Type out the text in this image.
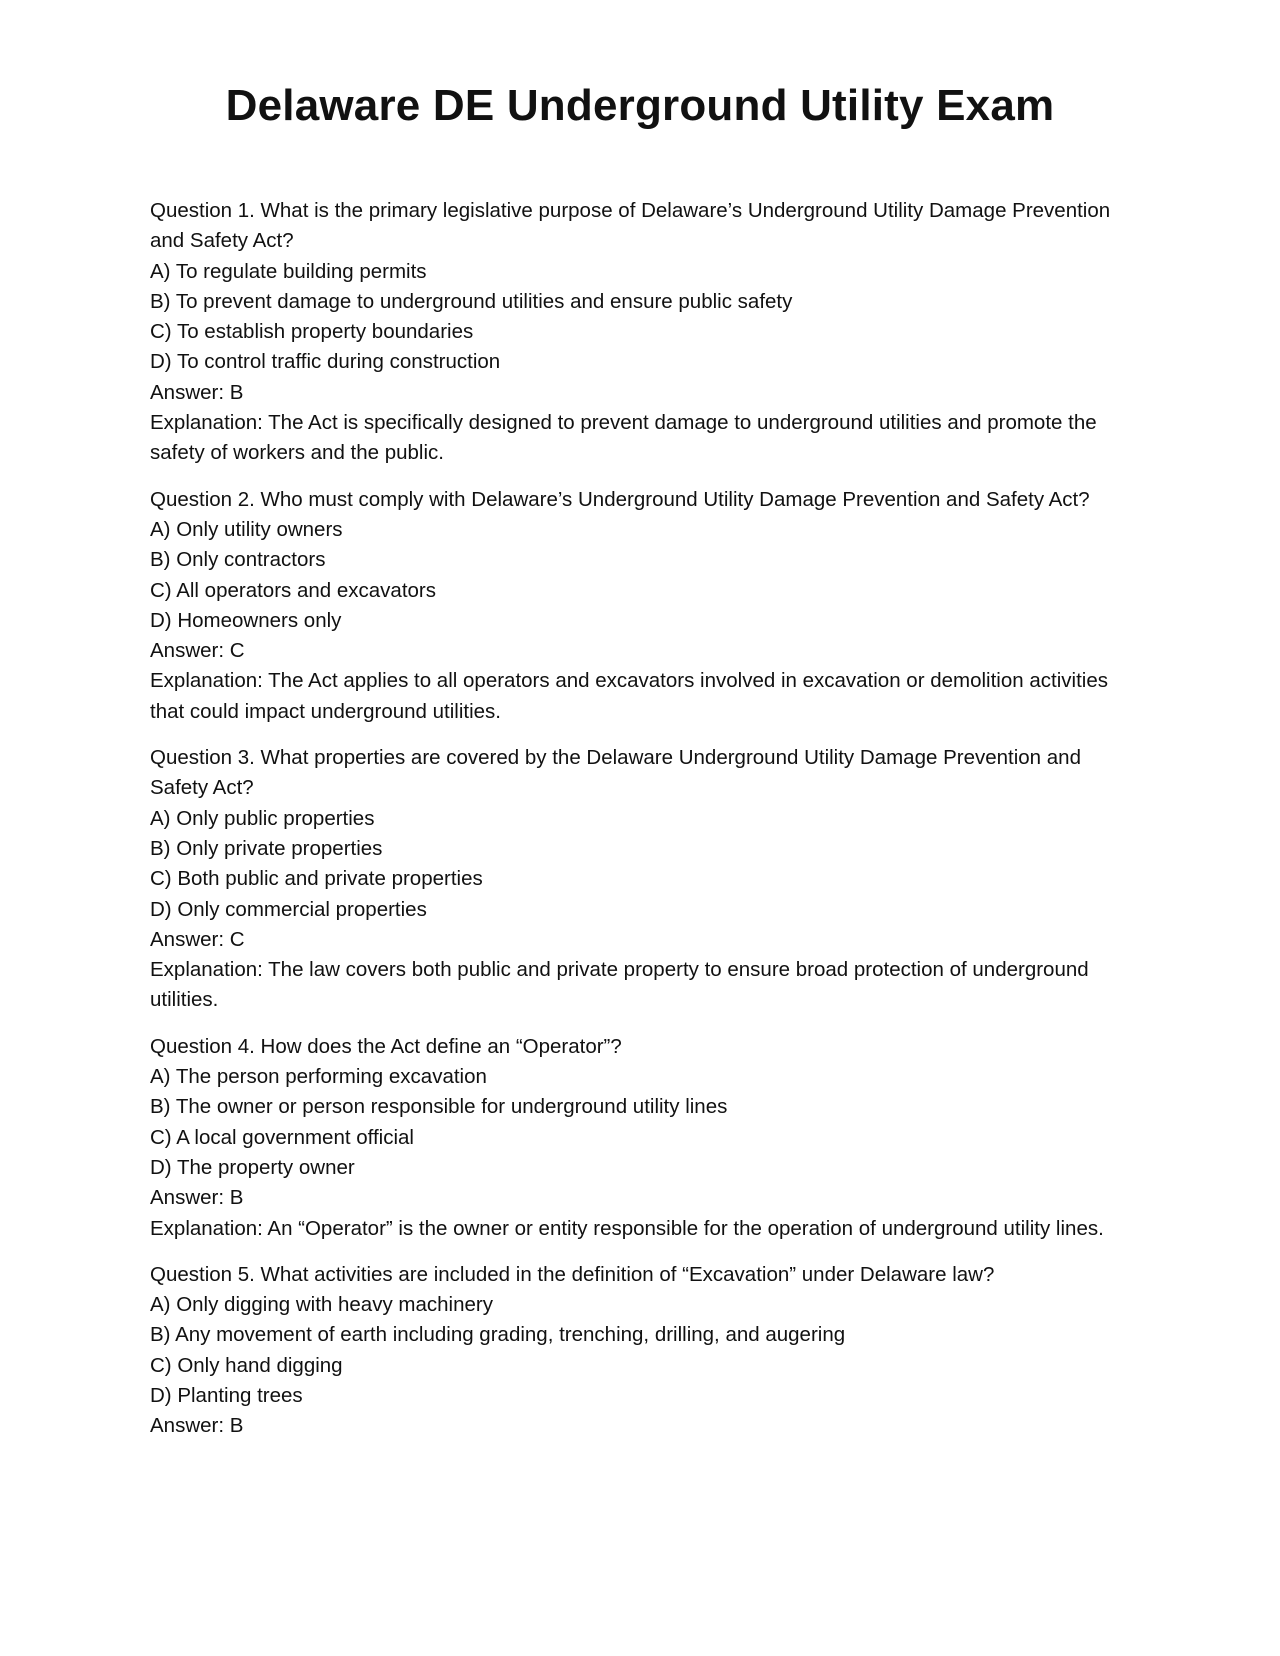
Delaware DE Underground Utility Exam
Question 1. What is the primary legislative purpose of Delaware’s Underground Utility Damage Prevention and Safety Act?
A) To regulate building permits
B) To prevent damage to underground utilities and ensure public safety
C) To establish property boundaries
D) To control traffic during construction
Answer: B
Explanation: The Act is specifically designed to prevent damage to underground utilities and promote the safety of workers and the public.
Question 2. Who must comply with Delaware’s Underground Utility Damage Prevention and Safety Act?
A) Only utility owners
B) Only contractors
C) All operators and excavators
D) Homeowners only
Answer: C
Explanation: The Act applies to all operators and excavators involved in excavation or demolition activities that could impact underground utilities.
Question 3. What properties are covered by the Delaware Underground Utility Damage Prevention and Safety Act?
A) Only public properties
B) Only private properties
C) Both public and private properties
D) Only commercial properties
Answer: C
Explanation: The law covers both public and private property to ensure broad protection of underground utilities.
Question 4. How does the Act define an “Operator”?
A) The person performing excavation
B) The owner or person responsible for underground utility lines
C) A local government official
D) The property owner
Answer: B
Explanation: An “Operator” is the owner or entity responsible for the operation of underground utility lines.
Question 5. What activities are included in the definition of “Excavation” under Delaware law?
A) Only digging with heavy machinery
B) Any movement of earth including grading, trenching, drilling, and augering
C) Only hand digging
D) Planting trees
Answer: B
